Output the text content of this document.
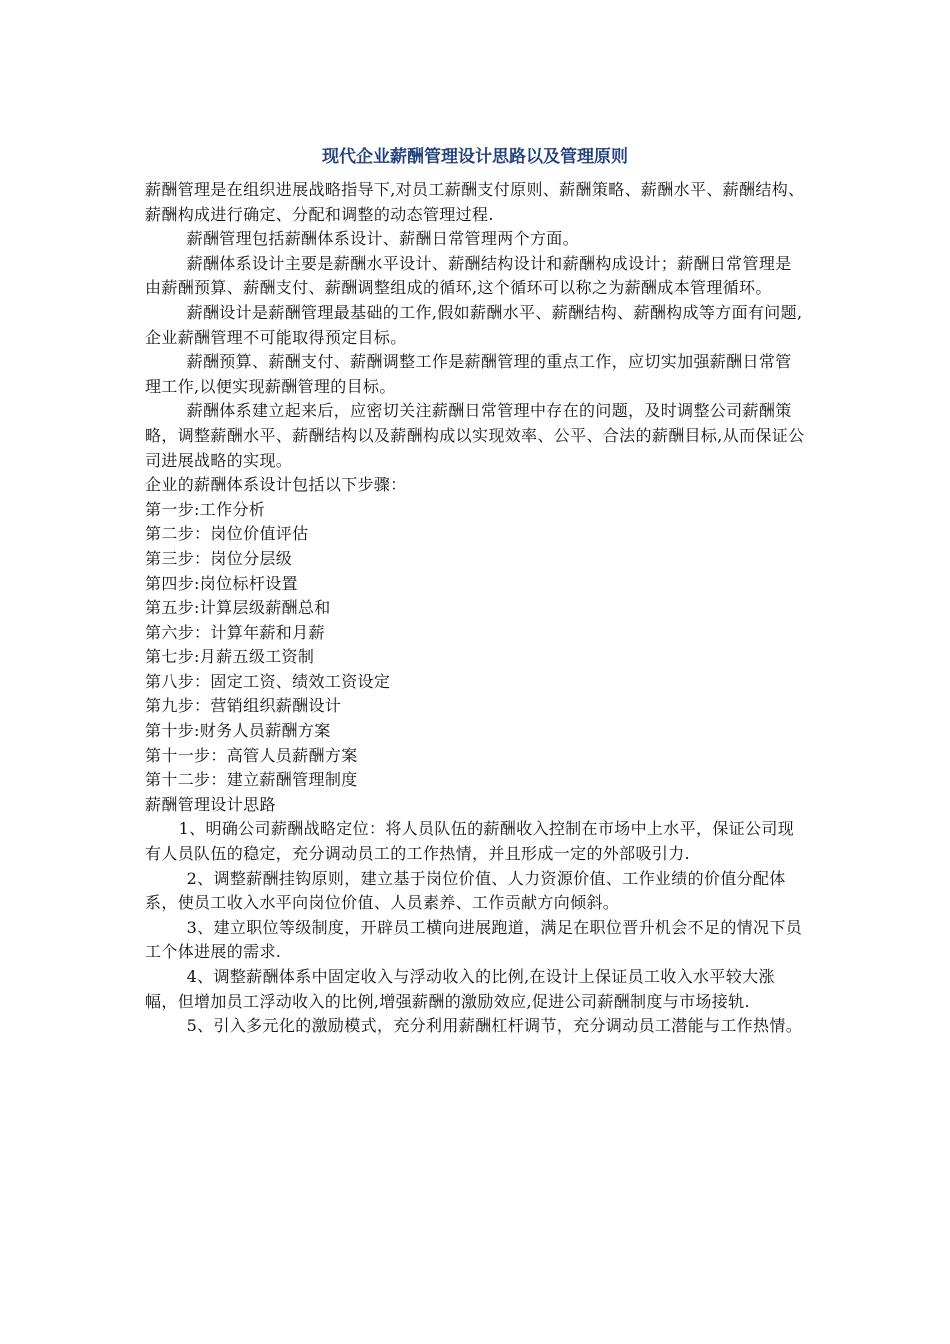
现代企业薪酬管理设计思路以及管理原则

薪酬管理是在组织进展战略指导下,对员工薪酬支付原则、薪酬策略、薪酬水平、薪酬结构、薪酬构成进行确定、分配和调整的动态管理过程.

薪酬管理包括薪酬体系设计、薪酬日常管理两个方面。

薪酬体系设计主要是薪酬水平设计、薪酬结构设计和薪酬构成设计；薪酬日常管理是由薪酬预算、薪酬支付、薪酬调整组成的循环,这个循环可以称之为薪酬成本管理循环。

薪酬设计是薪酬管理最基础的工作,假如薪酬水平、薪酬结构、薪酬构成等方面有问题,企业薪酬管理不可能取得预定目标。

薪酬预算、薪酬支付、薪酬调整工作是薪酬管理的重点工作，应切实加强薪酬日常管理工作,以便实现薪酬管理的目标。

薪酬体系建立起来后，应密切关注薪酬日常管理中存在的问题，及时调整公司薪酬策略，调整薪酬水平、薪酬结构以及薪酬构成以实现效率、公平、合法的薪酬目标,从而保证公司进展战略的实现。

企业的薪酬体系设计包括以下步骤：

第一步:工作分析

第二步：岗位价值评估

第三步：岗位分层级

第四步:岗位标杆设置

第五步:计算层级薪酬总和

第六步：计算年薪和月薪

第七步:月薪五级工资制

第八步：固定工资、绩效工资设定

第九步：营销组织薪酬设计

第十步:财务人员薪酬方案

第十一步：高管人员薪酬方案

第十二步：建立薪酬管理制度

薪酬管理设计思路

1、明确公司薪酬战略定位：将人员队伍的薪酬收入控制在市场中上水平，保证公司现有人员队伍的稳定，充分调动员工的工作热情，并且形成一定的外部吸引力.

2、调整薪酬挂钩原则，建立基于岗位价值、人力资源价值、工作业绩的价值分配体系，使员工收入水平向岗位价值、人员素养、工作贡献方向倾斜。

3、建立职位等级制度，开辟员工横向进展跑道，满足在职位晋升机会不足的情况下员工个体进展的需求.

4、调整薪酬体系中固定收入与浮动收入的比例,在设计上保证员工收入水平较大涨幅，但增加员工浮动收入的比例,增强薪酬的激励效应,促进公司薪酬制度与市场接轨.

5、引入多元化的激励模式，充分利用薪酬杠杆调节，充分调动员工潜能与工作热情。
